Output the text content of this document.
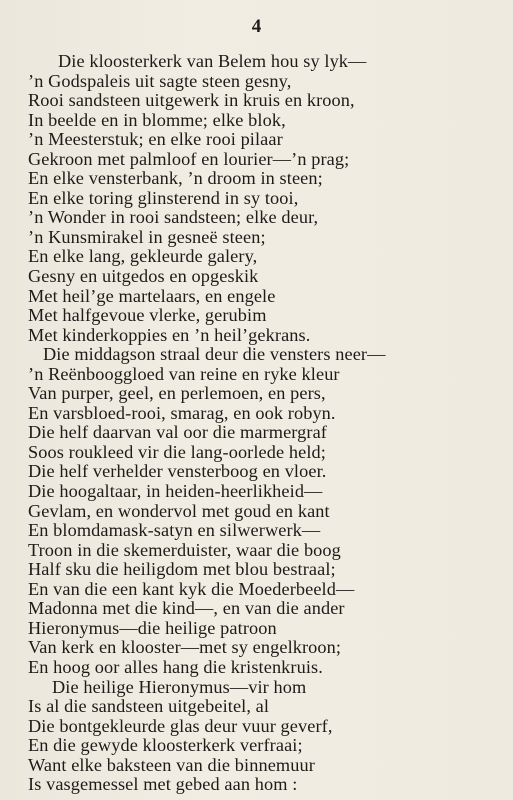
4
Die kloosterkerk van Belem hou sy lyk—
’n Godspaleis uit sagte steen gesny,
Rooi sandsteen uitgewerk in kruis en kroon,
In beelde en in blomme; elke blok,
’n Meesterstuk; en elke rooi pilaar
Gekroon met palmloof en lourier—’n prag;
En elke vensterbank, ’n droom in steen;
En elke toring glinsterend in sy tooi,
’n Wonder in rooi sandsteen; elke deur,
’n Kunsmirakel in gesneë steen;
En elke lang, gekleurde galery,
Gesny en uitgedos en opgeskik
Met heil’ge martelaars, en engele
Met halfgevoue vlerke, gerubim
Met kinderkoppies en ’n heil’gekrans.
Die middagson straal deur die vensters neer—
’n Reënbooggloed van reine en ryke kleur
Van purper, geel, en perlemoen, en pers,
En varsbloed-rooi, smarag, en ook robyn.
Die helf daarvan val oor die marmergraf
Soos roukleed vir die lang-oorlede held;
Die helf verhelder vensterboog en vloer.
Die hoogaltaar, in heiden-heerlikheid—
Gevlam, en wondervol met goud en kant
En blomdamask-satyn en silwerwerk—
Troon in die skemerduister, waar die boog
Half sku die heiligdom met blou bestraal;
En van die een kant kyk die Moederbeeld—
Madonna met die kind—, en van die ander
Hieronymus—die heilige patroon
Van kerk en klooster—met sy engelkroon;
En hoog oor alles hang die kristenkruis.
Die heilige Hieronymus—vir hom
Is al die sandsteen uitgebeitel, al
Die bontgekleurde glas deur vuur geverf,
En die gewyde kloosterkerk verfraai;
Want elke baksteen van die binnemuur
Is vasgemessel met gebed aan hom :
